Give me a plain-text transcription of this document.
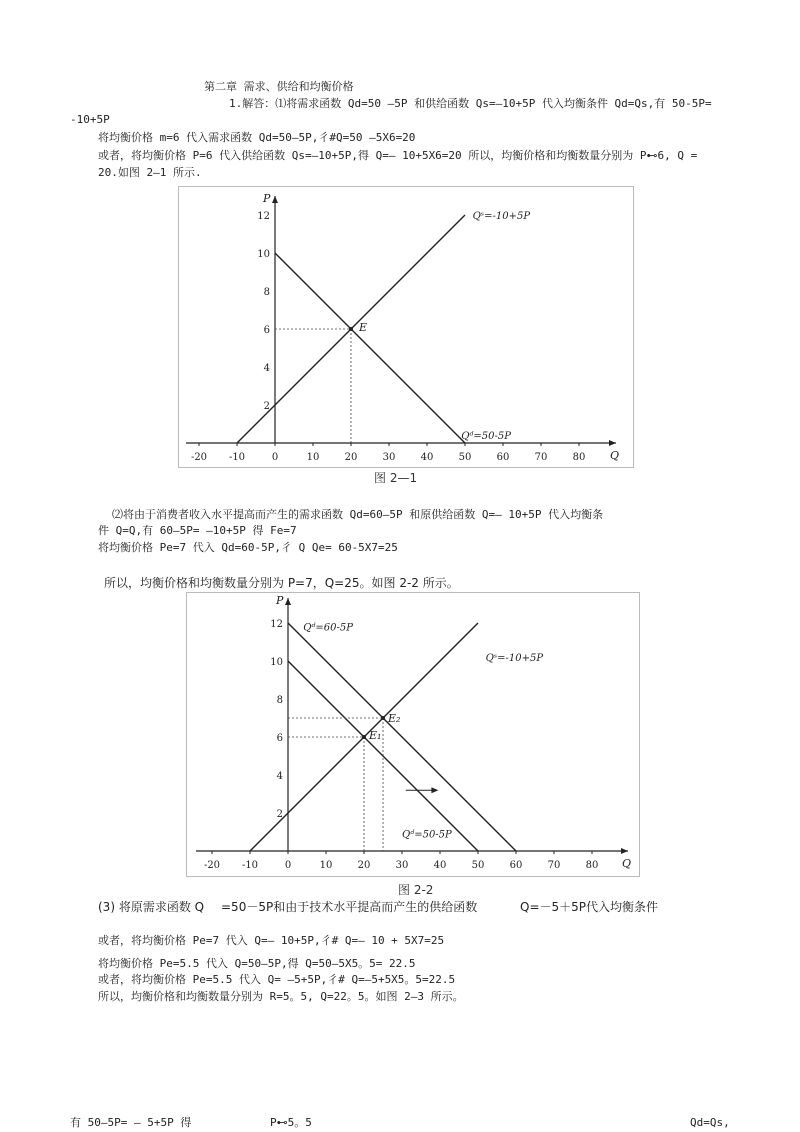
第二章 需求、供给和均衡价格
1.解答：⑴将需求函数 Qd=50 —5P 和供给函数 Qs=—10+5P 代入均衡条件 Qd=Qs,有 50-5P=
-10+5P
将均衡价格 m=6 代入需求函数 Qd=50—5P,彳#Q=50 —5X6=20
或者，将均衡价格 P=6 代入供给函数 Qs=—10+5P,得 Q=— 10+5X6=20 所以，均衡价格和均衡数量分别为 P⊷6, Q =
20.如图 2—1 所示.
P
Q
-20 -10	0	10	20	30	40	50	60	70	80
2
4
6
8
10
12
E
Qˢ=-10+5P
Qᵈ=50-5P
图 2—1
⑵将由于消费者收入水平提高而产生的需求函数 Qd=60—5P 和原供给函数 Q=— 10+5P 代入均衡条
件 Q=Q,有 60—5P= —10+5P 得 Fe=7
将均衡价格 Pe=7 代入 Qd=60-5P,彳 Q Qe= 60-5X7=25
所以，均衡价格和均衡数量分别为 P=7，Q=25。如图 2-2 所示。
P
Q
-20 -10	0	10	20	30	40	50	60	70	80
2
4
6
8
10
12
E₁
E₂
Qᵈ=60-5P
Qˢ=-10+5P
Qᵈ=50-5P
图 2-2
(3) 将原需求函数 Q =50－5P和由于技术水平提高而产生的供给函数	Q=－5＋5P代入均衡条件
或者，将均衡价格 Pe=7 代入 Q=— 10+5P,彳# Q=— 10 + 5X7=25
将均衡价格 Pe=5.5 代入 Q=50—5P,得 Q=50—5X5。5= 22.5
或者，将均衡价格 Pe=5.5 代入 Q= —5+5P,彳# Q=—5+5X5。5=22.5
所以，均衡价格和均衡数量分别为 R=5。5, Q=22。5。如图 2—3 所示。
有 50—5P= — 5+5P 得	P⊷5。5	Qd=Qs,
